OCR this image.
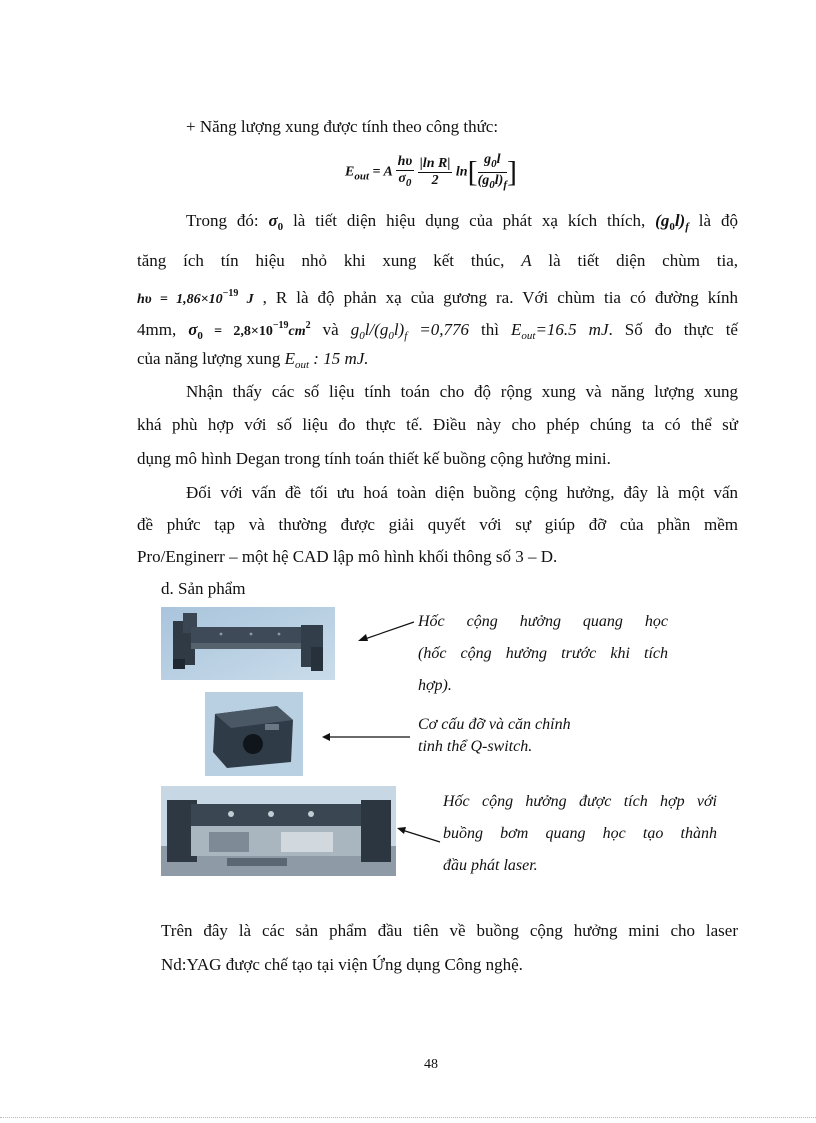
+ Năng lượng xung được tính theo công thức:
$E_{out} = A \frac{h\upsilon}{\sigma_0}$
$\frac{\text{|ln R|}}{2} \ln[ \frac{g_0l}{(g_0l)_f}$ ]
Trong đó: $\sigma_0$ là tiết diện hiệu dụng của phát xạ kích thích, $(g_0l)_f$ là độ
tăng ích tín hiệu nhỏ khi xung kết thúc, A là tiết diện chùm tia,
$h\upsilon = 1,86\times 10^{-19}$ J , R là độ phản xạ của gương ra. Với chùm tia có đường kính
4mm, $\sigma_0 = 2,8\times 10^{-19}cm^2$ và $g_0l/(g_0l)_f =0,776$ thì $E_{out}=16.5$ mJ. Số đo thực tế
của năng lượng xung $E_{out}$ : 15 mJ.
Nhận thấy các số liệu tính toán cho độ rộng xung và năng lượng xung
khá phù hợp với số liệu đo thực tế. Điều này cho phép chúng ta có thể sử
dụng mô hình Degan trong tính toán thiết kế buồng cộng hưởng mini.
Đối với vấn đề tối ưu hoá toàn diện buồng cộng hưởng, đây là một vấn
đề phức tạp và thường được giải quyết với sự giúp đỡ của phần mềm
Pro/Enginerr – một hệ CAD lập mô hình khối thông số 3 – D.
d. Sản phẩm
Hốc cộng hưởng quang học
(hốc cộng hưởng trước khi tích
hợp).
Cơ cấu đỡ và căn chỉnh
tinh thể Q-switch.
Hốc cộng hưởng được tích hợp với
buồng bơm quang học tạo thành
đầu phát laser.
Trên đây là các sản phẩm đầu tiên về buồng cộng hưởng mini cho laser
Nd:YAG được chế tạo tại viện Ứng dụng Công nghệ.
48
